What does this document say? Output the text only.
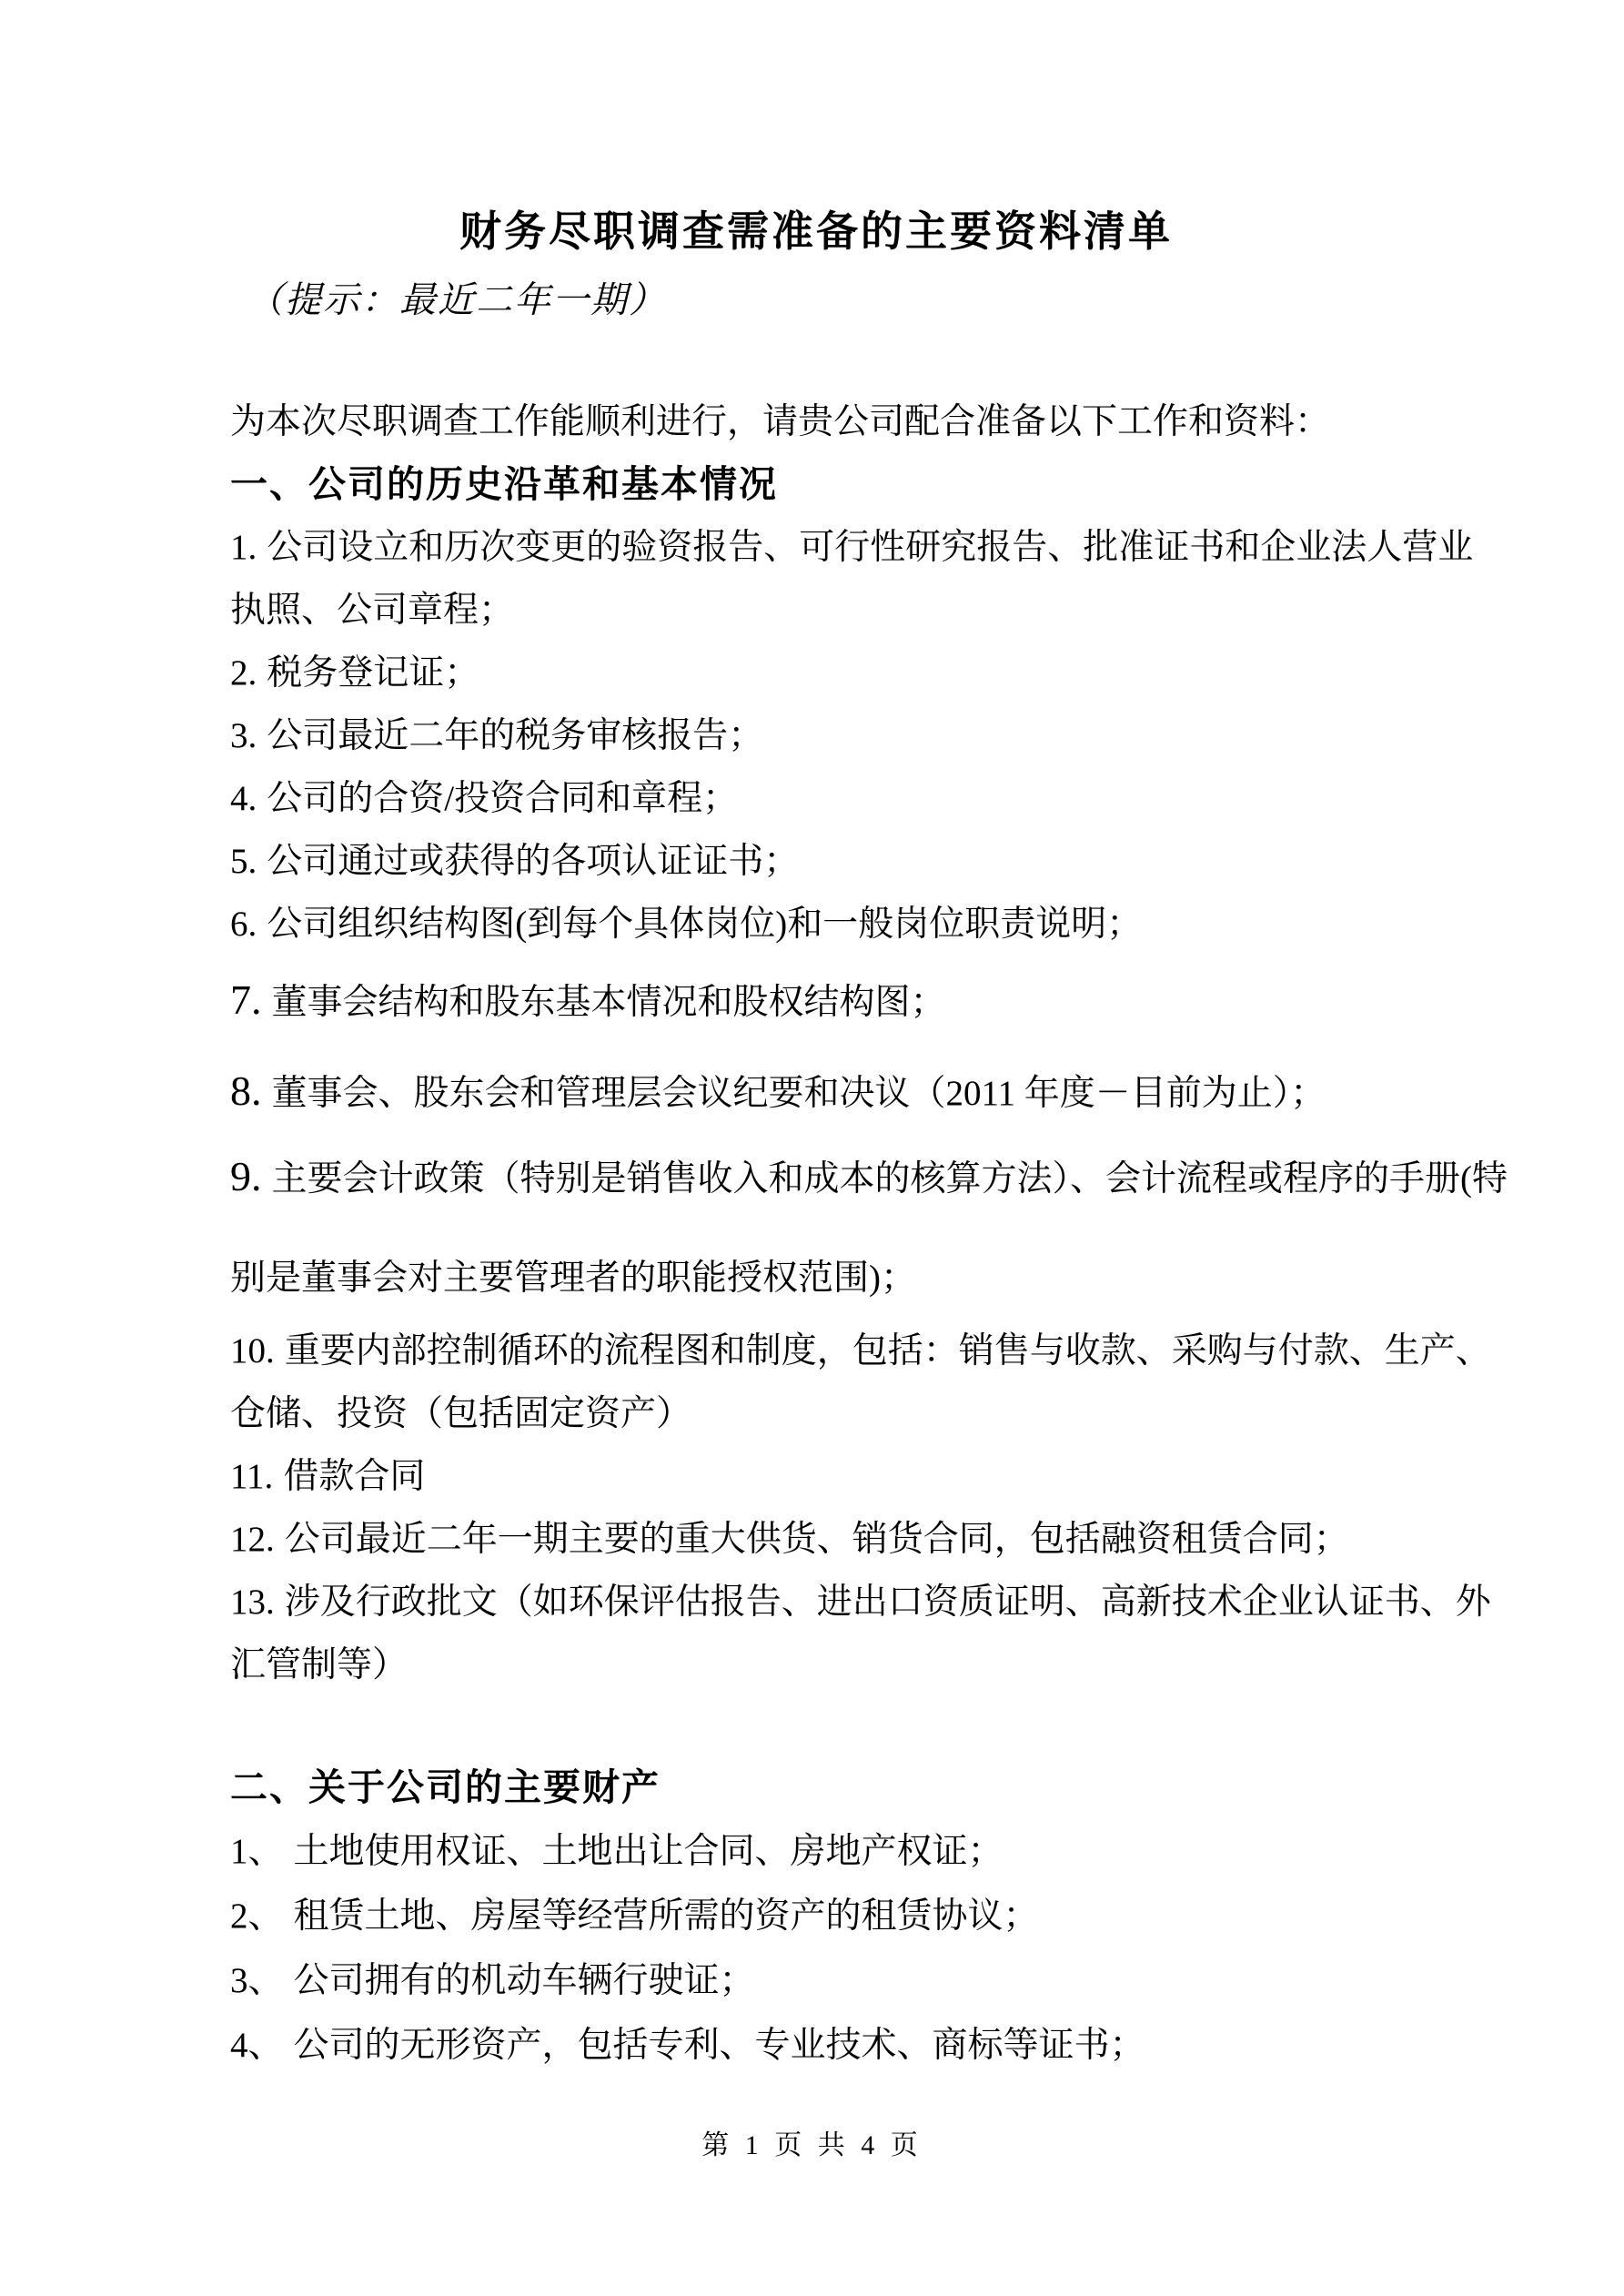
财务尽职调查需准备的主要资料清单

（提示：最近二年一期）

为本次尽职调查工作能顺利进行，请贵公司配合准备以下工作和资料：

一、公司的历史沿革和基本情况
1. 公司设立和历次变更的验资报告、可行性研究报告、批准证书和企业法人营业
执照、公司章程；
2. 税务登记证；
3. 公司最近二年的税务审核报告；
4. 公司的合资/投资合同和章程；
5. 公司通过或获得的各项认证证书；
6. 公司组织结构图(到每个具体岗位)和一般岗位职责说明；
7. 董事会结构和股东基本情况和股权结构图；
8. 董事会、股东会和管理层会议纪要和决议（2011 年度－目前为止）；
9. 主要会计政策（特别是销售收入和成本的核算方法）、会计流程或程序的手册(特
别是董事会对主要管理者的职能授权范围)；
10. 重要内部控制循环的流程图和制度，包括：销售与收款、采购与付款、生产、
仓储、投资（包括固定资产）
11. 借款合同
12. 公司最近二年一期主要的重大供货、销货合同，包括融资租赁合同；
13. 涉及行政批文（如环保评估报告、进出口资质证明、高新技术企业认证书、外
汇管制等）
二、关于公司的主要财产
1、 土地使用权证、土地出让合同、房地产权证；
2、 租赁土地、房屋等经营所需的资产的租赁协议；
3、 公司拥有的机动车辆行驶证；
4、 公司的无形资产，包括专利、专业技术、商标等证书；
第 1 页 共 4 页
